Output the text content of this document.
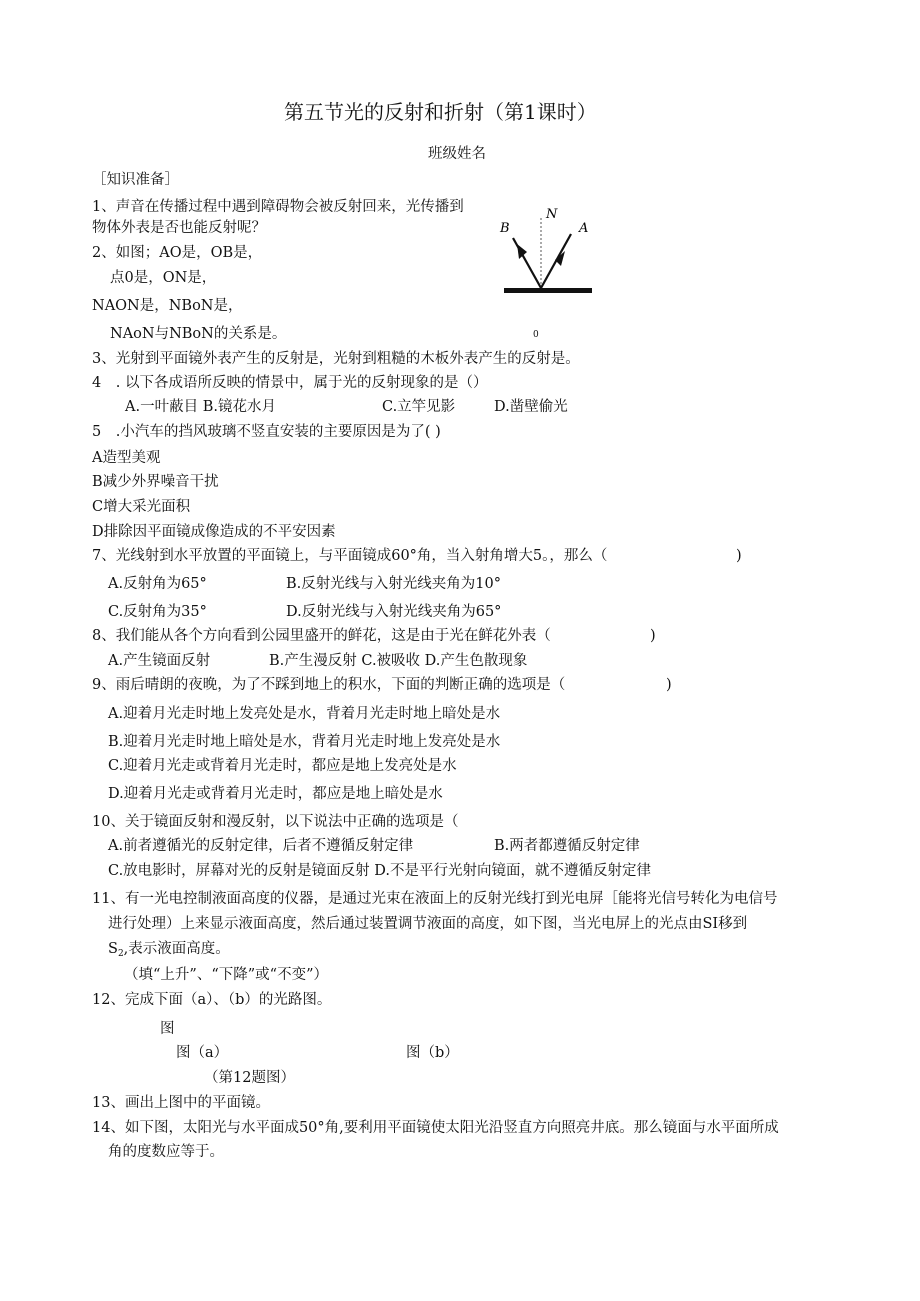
第五节光的反射和折射（第1课时）
班级姓名
［知识准备］
1、声音在传播过程中遇到障碍物会被反射回来，光传播到
物体外表是否也能反射呢？	B
N
A
0
2、如图；AO是，OB是，
点0是，ON是，
NAON是，NBoN是，
NAoN与NBoN的关系是。
3、光射到平面镜外表产生的反射是，光射到粗糙的木板外表产生的反射是。
4　. 以下各成语所反映的情景中，属于光的反射现象的是（）
A.一叶蔽目 B.镜花水月	C.立竿见影	D.凿壁偷光
5　.小汽车的挡风玻璃不竖直安装的主要原因是为了( )
A造型美观
B减少外界噪音干扰
C增大采光面积
D排除因平面镜成像造成的不平安因素
7、光线射到水平放置的平面镜上，与平面镜成60°角，当入射角增大5。，那么（	)
A.反射角为65°	B.反射光线与入射光线夹角为10°
C.反射角为35°	D.反射光线与入射光线夹角为65°
8、我们能从各个方向看到公园里盛开的鲜花，这是由于光在鲜花外表（	)
A.产生镜面反射	B.产生漫反射 C.被吸收 D.产生色散现象
9、雨后晴朗的夜晚，为了不踩到地上的积水，下面的判断正确的选项是（	)
A.迎着月光走时地上发亮处是水，背着月光走时地上暗处是水
B.迎着月光走时地上暗处是水，背着月光走时地上发亮处是水
C.迎着月光走或背着月光走时，都应是地上发亮处是水
D.迎着月光走或背着月光走时，都应是地上暗处是水
10、关于镜面反射和漫反射，以下说法中正确的选项是（
A.前者遵循光的反射定律，后者不遵循反射定律	B.两者都遵循反射定律
C.放电影时，屏幕对光的反射是镜面反射 D.不是平行光射向镜面，就不遵循反射定律
11、有一光电控制液面高度的仪器，是通过光束在液面上的反射光线打到光电屏［能将光信号转化为电信号
进行处理）上来显示液面高度，然后通过装置调节液面的高度，如下图，当光电屏上的光点由SI移到
$S_2$,表示液面高度。
（填“上升”、“下降”或“不变”）
12、完成下面（a）、（b）的光路图。
图
图（a）	图（b）
（第12题图）
13、画出上图中的平面镜。
14、如下图，太阳光与水平面成50°角,要利用平面镜使太阳光沿竖直方向照亮井底。那么镜面与水平面所成
角的度数应等于。
